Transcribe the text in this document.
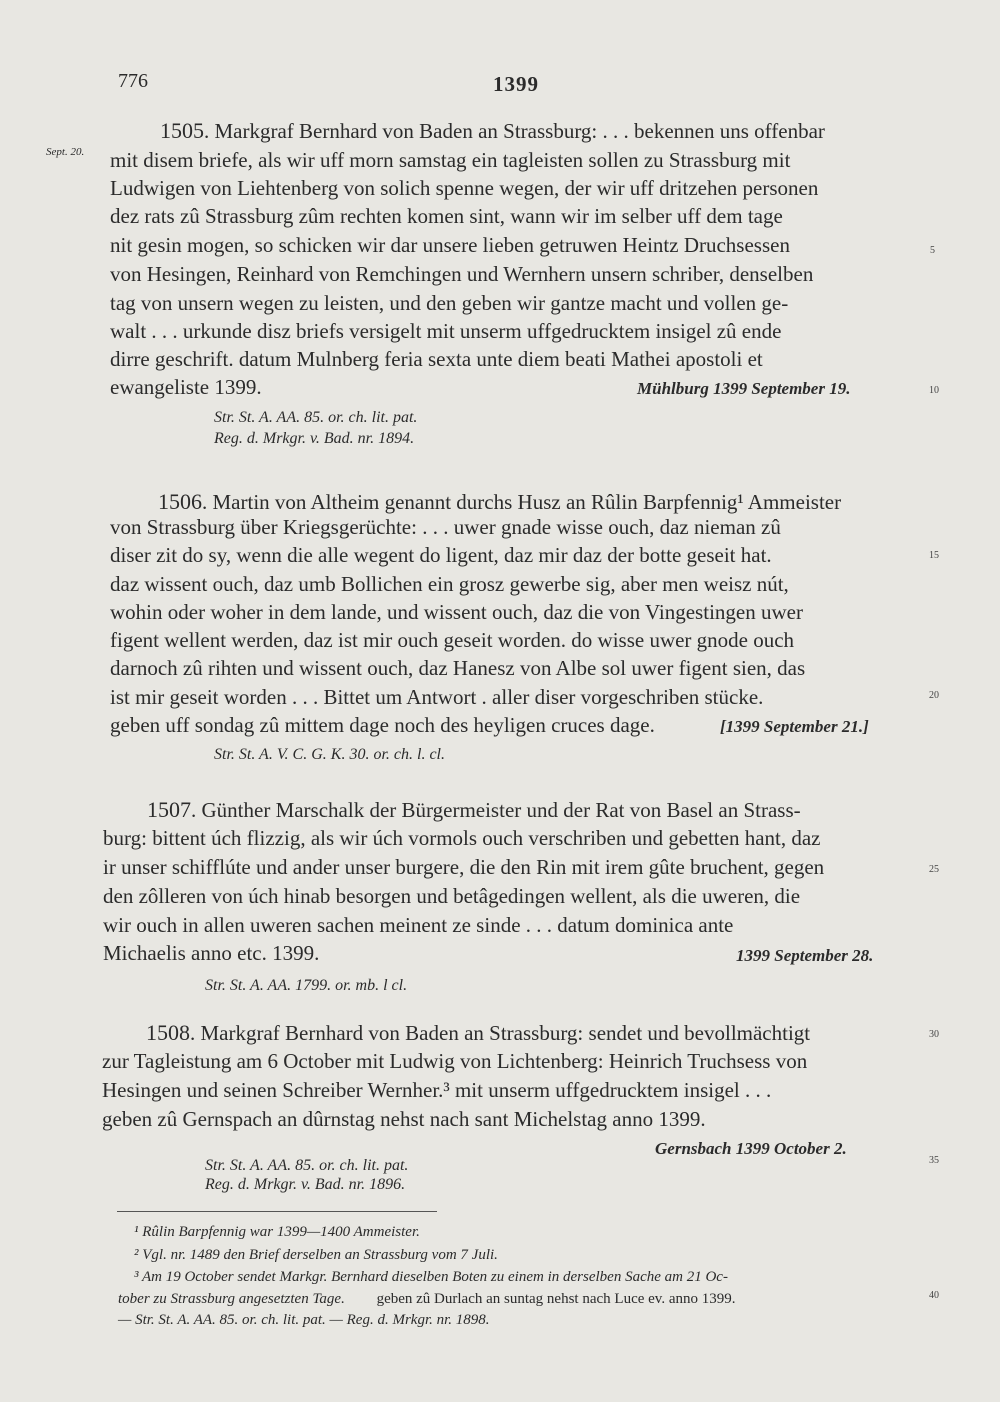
776	1399
Sept. 20.
1505. Markgraf Bernhard von Baden an Strassburg: . . . bekennen uns offenbar
mit disem briefe, als wir uff morn samstag ein tagleisten sollen zu Strassburg mit
Ludwigen von Liehtenberg von solich spenne wegen, der wir uff dritzehen personen
dez rats zû Strassburg zûm rechten komen sint, wann wir im selber uff dem tage
nit gesin mogen, so schicken wir dar unsere lieben getruwen Heintz Druchsessen
von Hesingen, Reinhard von Remchingen und Wernhern unsern schriber, denselben
tag von unsern wegen zu leisten, und den geben wir gantze macht und vollen ge-
walt . . . urkunde disz briefs versigelt mit unserm uffgedrucktem insigel zû ende
dirre geschrift. datum Mulnberg feria sexta unte diem beati Mathei apostoli et
ewangeliste 1399.	Mühlburg 1399 September 19.
Str. St. A. AA. 85. or. ch. lit. pat.
Reg. d. Mrkgr. v. Bad. nr. 1894.
1506. Martin von Altheim genannt durchs Husz an Rûlin Barpfennig¹ Ammeister
von Strassburg über Kriegsgerüchte: . . . uwer gnade wisse ouch, daz nieman zû
diser zit do sy, wenn die alle wegent do ligent, daz mir daz der botte geseit hat.
daz wissent ouch, daz umb Bollichen ein grosz gewerbe sig, aber men weisz nút,
wohin oder woher in dem lande, und wissent ouch, daz die von Vingestingen uwer
figent wellent werden, daz ist mir ouch geseit worden. do wisse uwer gnode ouch
darnoch zû rihten und wissent ouch, daz Hanesz von Albe sol uwer figent sien, das
ist mir geseit worden . . . Bittet um Antwort . aller diser vorgeschriben stücke.
geben uff sondag zû mittem dage noch des heyligen cruces dage.	[1399 September 21.]
Str. St. A. V. C. G. K. 30. or. ch. l. cl.
1507. Günther Marschalk der Bürgermeister und der Rat von Basel an Strass-
burg: bittent úch flizzig, als wir úch vormols ouch verschriben und gebetten hant, daz
ir unser schifflúte und ander unser burgere, die den Rin mit irem gûte bruchent, gegen
den zôlleren von úch hinab besorgen und betâgedingen wellent, als die uweren, die
wir ouch in allen uweren sachen meinent ze sinde . . . datum dominica ante
Michaelis anno etc. 1399.	1399 September 28.
Str. St. A. AA. 1799. or. mb. l cl.
1508. Markgraf Bernhard von Baden an Strassburg: sendet und bevollmächtigt
zur Tagleistung am 6 October mit Ludwig von Lichtenberg: Heinrich Truchsess von
Hesingen und seinen Schreiber Wernher.³ mit unserm uffgedrucktem insigel . . .
geben zû Gernspach an dûrnstag nehst nach sant Michelstag anno 1399.
Gernsbach 1399 October 2.
Str. St. A. AA. 85. or. ch. lit. pat.
Reg. d. Mrkgr. v. Bad. nr. 1896.
¹ Rûlin Barpfennig war 1399—1400 Ammeister.
² Vgl. nr. 1489 den Brief derselben an Strassburg vom 7 Juli.
³ Am 19 October sendet Markgr. Bernhard dieselben Boten zu einem in derselben Sache am 21 Oc-
tober zu Strassburg angesetzten Tage. geben zû Durlach an suntag nehst nach Luce ev. anno 1399.
— Str. St. A. AA. 85. or. ch. lit. pat. — Reg. d. Mrkgr. nr. 1898.
5
10
15
20
25
30
35
40
